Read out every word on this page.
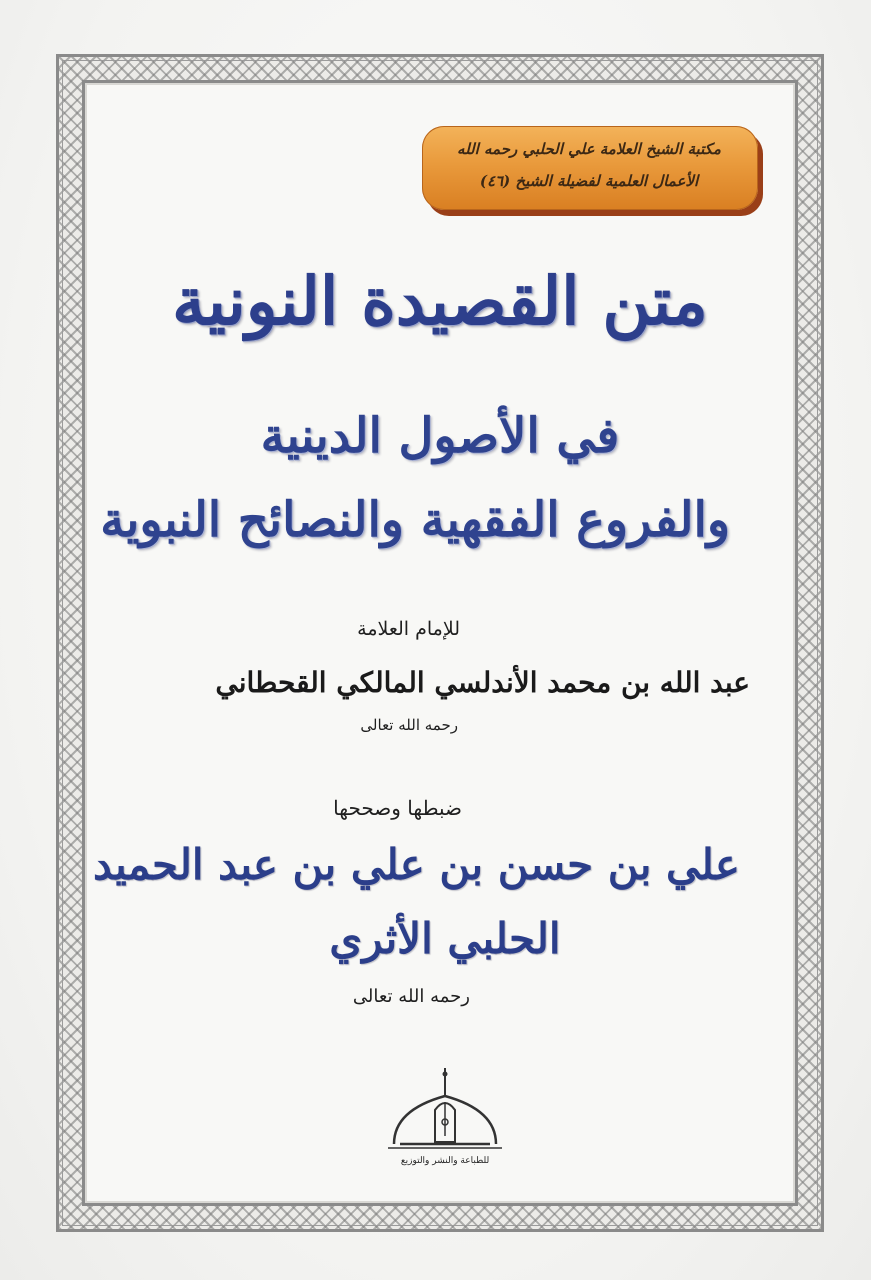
مكتبة الشيخ العلامة علي الحلبي رحمه الله
الأعمال العلمية لفضيلة الشيخ (٤٦)
متن القصيدة النونية
في الأصول الدينية
والفروع الفقهية والنصائح النبوية
للإمام العلامة
عبد الله بن محمد الأندلسي المالكي القحطاني
رحمه الله تعالى
ضبطها وصححها
علي بن حسن بن علي بن عبد الحميد
الحلبي الأثري
رحمه الله تعالى
للطباعة والنشر والتوزيع
